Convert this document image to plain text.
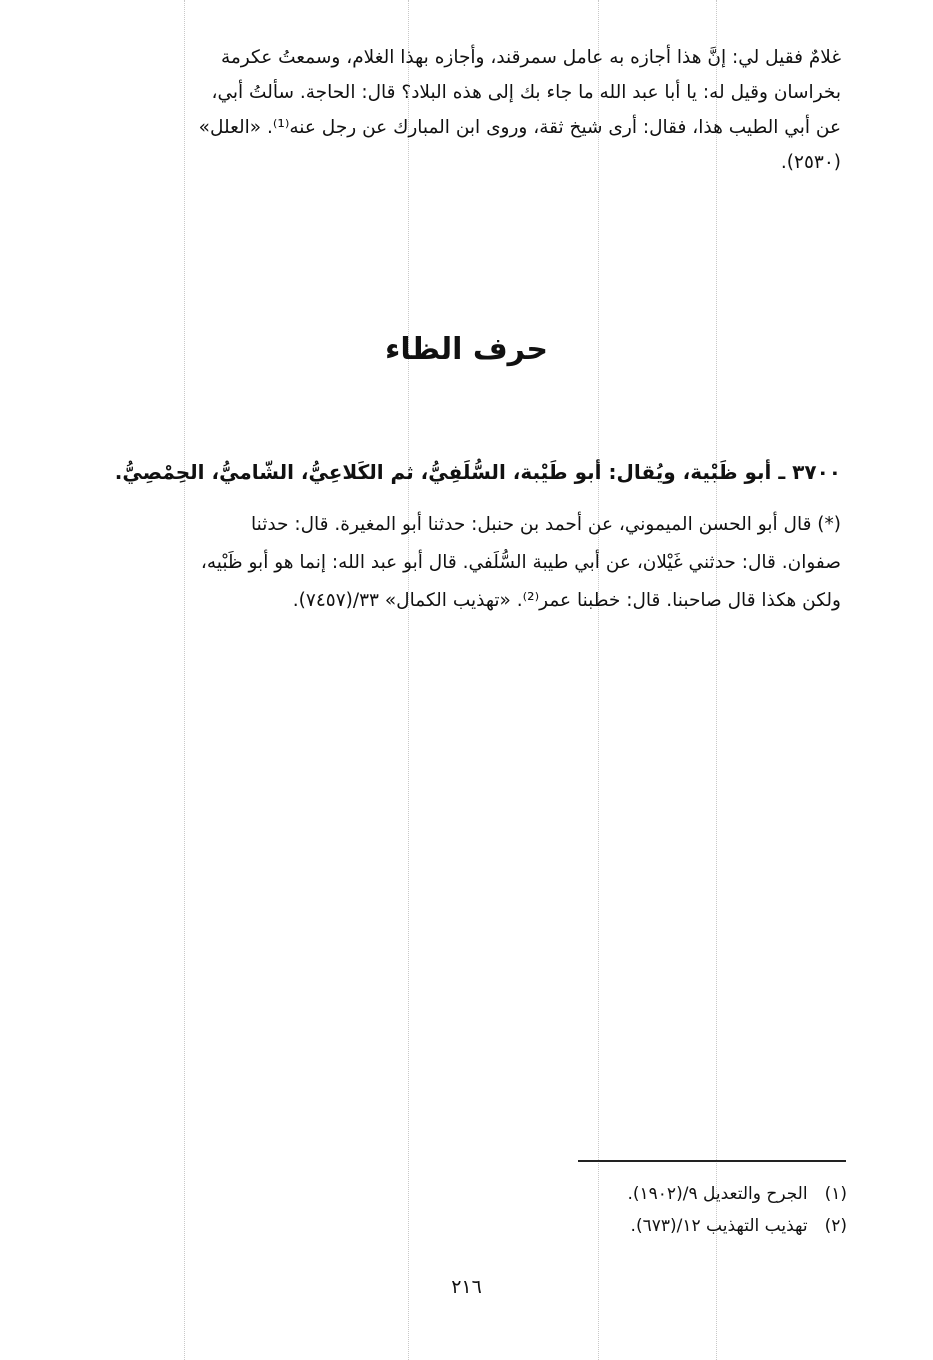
غلامٌ فقيل لي: إنَّ هذا أجازه به عامل سمرقند، وأجازه بهذا الغلام، وسمعتُ عكرمة
بخراسان وقيل له: يا أبا عبد الله ما جاء بك إلى هذه البلاد؟ قال: الحاجة. سألتُ أبي،
عن أبي الطيب هذا، فقال: أرى شيخ ثقة، وروى ابن المبارك عن رجل عنه⁽¹⁾. «العلل»
(٢٥٣٠).
حرف الظاء
٣٧٠٠ ـ أبو ظَبْية، ويُقال: أبو طَيْبة، السُّلَفِيُّ، ثم الكَلاعِيُّ، الشّاميُّ، الحِمْصِيُّ.
(*) قال أبو الحسن الميموني، عن أحمد بن حنبل: حدثنا أبو المغيرة. قال: حدثنا
صفوان. قال: حدثني غَيْلان، عن أبي طيبة السُّلَفي. قال أبو عبد الله: إنما هو أبو ظَبْيه،
ولكن هكذا قال صاحبنا. قال: خطبنا عمر⁽²⁾. «تهذيب الكمال» ٣٣/(٧٤٥٧).
(١) الجرح والتعديل ٩/(١٩٠٢).
(٢) تهذيب التهذيب ١٢/(٦٧٣).
٢١٦
